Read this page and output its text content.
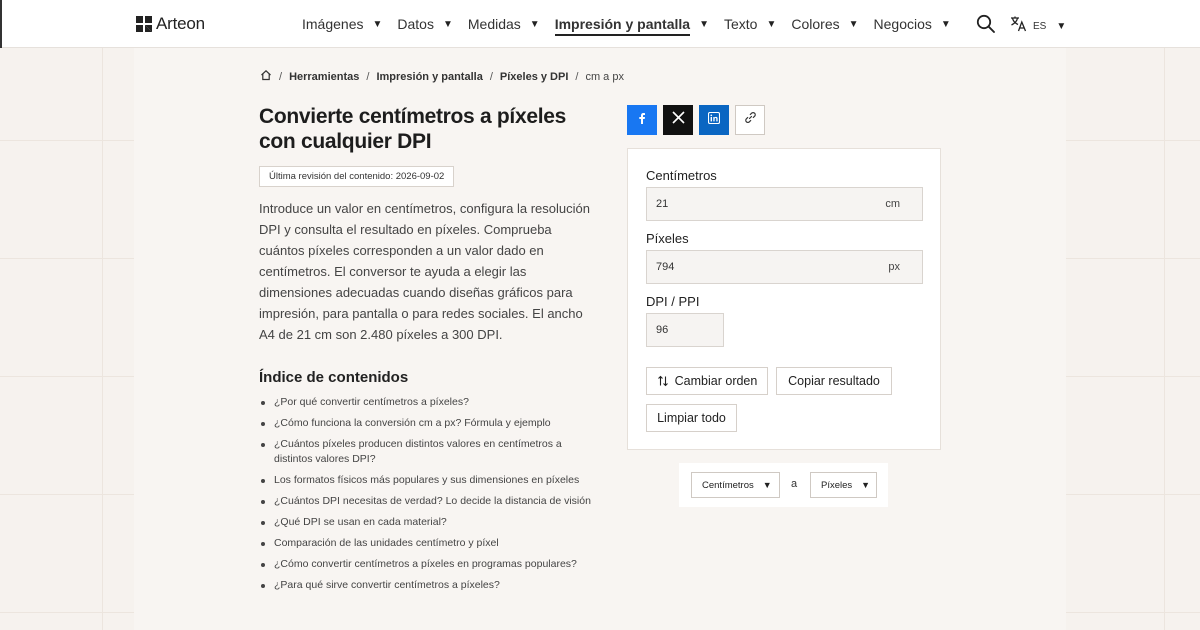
Arteon	Imágenes ▼ Datos ▼ Medidas ▼ Impresión y pantalla ▼ Texto ▼ Colores ▼ Negocios ▼	ES ▼
/ Herramientas / Impresión y pantalla / Píxeles y DPI / cm a px
Convierte centímetros a píxeles con cualquier DPI
Última revisión del contenido: 2026-09-02

Introduce un valor en centímetros, configura la resolución DPI y consulta el resultado en píxeles. Comprueba cuántos píxeles corresponden a un valor dado en centímetros. El conversor te ayuda a elegir las dimensiones adecuadas cuando diseñas gráficos para impresión, para pantalla o para redes sociales. El ancho A4 de 21 cm son 2.480 píxeles a 300 DPI.

Índice de contenidos
¿Por qué convertir centímetros a píxeles?
¿Cómo funciona la conversión cm a px? Fórmula y ejemplo
¿Cuántos píxeles producen distintos valores en centímetros a distintos valores DPI?
Los formatos físicos más populares y sus dimensiones en píxeles
¿Cuántos DPI necesitas de verdad? Lo decide la distancia de visión
¿Qué DPI se usan en cada material?
Comparación de las unidades centímetro y píxel
¿Cómo convertir centímetros a píxeles en programas populares?
¿Para qué sirve convertir centímetros a píxeles?
Centímetros
21	cm
Píxeles
794	px
DPI / PPI
96
Cambiar orden Copiar resultado
Limpiar todo
Centímetros ▼ a	Píxeles ▼
